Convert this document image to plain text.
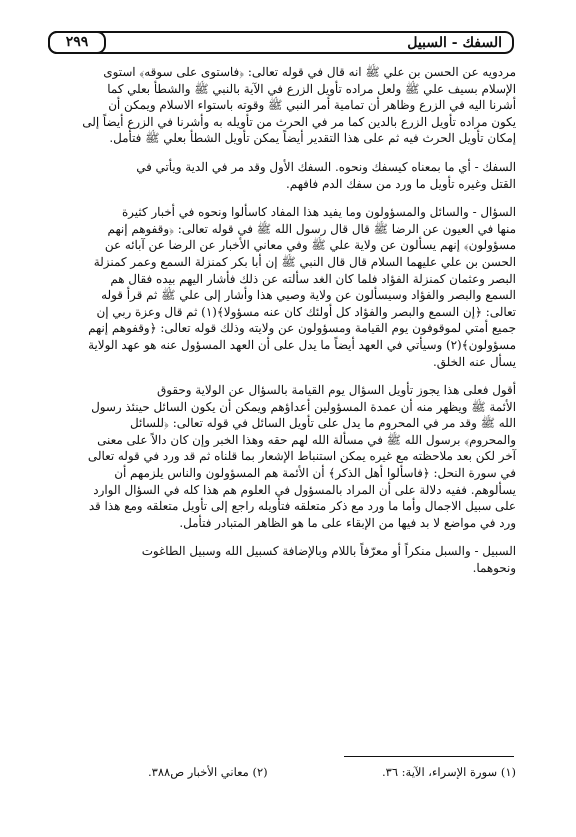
السفك - السبيل
٢٩٩
مردويه عن الحسن بن علي ﷺ انه قال في قوله تعالى: ﴿فاستوى على سوقه﴾ استوى
الإسلام بسيف علي ﷺ ولعل مراده تأويل الزرع في الآية بالنبي ﷺ والشطأ بعلي كما
أشرنا اليه في الزرع وظاهر أن تمامية أمر النبي ﷺ وقوته باستواء الاسلام ويمكن أن
يكون مراده تأويل الزرع بالدين كما مر في الحرث من تأويله به وأشرنا في الزرع أيضاً إلى
إمكان تأويل الحرث فيه ثم على هذا التقدير أيضاً يمكن تأويل الشطأ بعلي ﷺ فتأمل.
السفك - أي ما بمعناه كيسفك ونحوه. السفك الأول وقد مر في الدية ويأتي في
القتل وغيره تأويل ما ورد من سفك الدم فافهم.
السؤال - والسائل والمسؤولون وما يفيد هذا المفاد كاسألوا ونحوه في أخبار كثيرة
منها في العيون عن الرضا ﷺ قال قال رسول الله ﷺ في قوله تعالى: ﴿وقفوهم إنهم
مسؤولون﴾ إنهم يسألون عن ولاية علي ﷺ وفي معاني الأخبار عن الرضا عن آبائه عن
الحسن بن علي عليهما السلام قال قال النبي ﷺ إن أبا بكر كمنزلة السمع وعمر كمنزلة
البصر وعثمان كمنزلة الفؤاد فلما كان الغد سألته عن ذلك فأشار اليهم بيده فقال هم
السمع والبصر والفؤاد وسيسألون عن ولاية وصيي هذا وأشار إلى علي ﷺ ثم قرأ قوله
تعالى: ﴿إن السمع والبصر والفؤاد كل أولئك كان عنه مسؤولا﴾(١) ثم قال وعزة ربي إن
جميع أمتي لموقوفون يوم القيامة ومسؤولون عن ولايته وذلك قوله تعالى: ﴿وقفوهم إنهم
مسؤولون﴾(٢) وسيأتي في العهد أيضاً ما يدل على أن العهد المسؤول عنه هو عهد الولاية
يسأل عنه الخلق.
أقول فعلى هذا يجوز تأويل السؤال يوم القيامة بالسؤال عن الولاية وحقوق
الأئمة ﷺ ويظهر منه أن عمدة المسؤولين أعداؤهم ويمكن أن يكون السائل حينئذ رسول
الله ﷺ وقد مر في المحروم ما يدل على تأويل السائل في قوله تعالى: ﴿للسائل
والمحروم﴾ برسول الله ﷺ في مسألة الله لهم حقه وهذا الخبر وإن كان دالاً على معنى
آخر لكن بعد ملاحظته مع غيره يمكن استنباط الإشعار بما قلناه ثم قد ورد في قوله تعالى
في سورة النحل: ﴿فاسألوا أهل الذكر﴾ أن الأئمة هم المسؤولون والناس يلزمهم أن
يسألوهم. ففيه دلالة على أن المراد بالمسؤول في العلوم هم هذا كله في السؤال الوارد
على سبيل الاجمال وأما ما ورد مع ذكر متعلقه فتأويله راجع إلى تأويل متعلقه ومع هذا قد
ورد في مواضع لا بد فيها من الإبقاء على ما هو الظاهر المتبادر فتأمل.
السبيل - والسبل منكراً أو معرّفاً باللام وبالإضافة كسبيل الله وسبيل الطاغوت
ونحوهما.
(١) سورة الإسراء، الآية: ٣٦.
(٢) معاني الأخبار ص٣٨٨.
